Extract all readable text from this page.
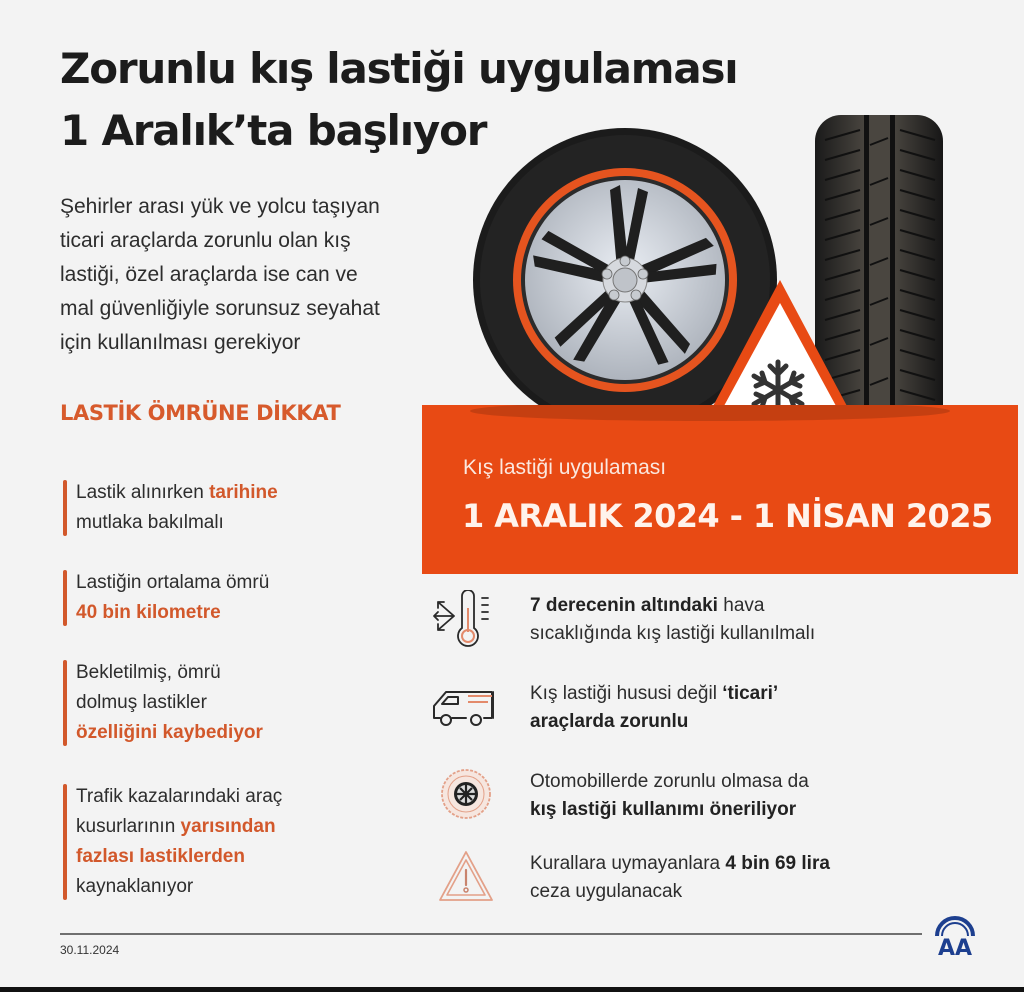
Zorunlu kış lastiği uygulaması
1 Aralık’ta başlıyor
Şehirler arası yük ve yolcu taşıyan
ticari araçlarda zorunlu olan kış
lastiği, özel araçlarda ise can ve
mal güvenliğiyle sorunsuz seyahat
için kullanılması gerekiyor
LASTİK ÖMRÜNE DİKKAT
Lastik alınırken tarihine
mutlaka bakılmalı
Lastiğin ortalama ömrü
40 bin kilometre
Bekletilmiş, ömrü
dolmuş lastikler
özelliğini kaybediyor
Trafik kazalarındaki araç
kusurlarının yarısından
fazlası lastiklerden
kaynaklanıyor
Kış lastiği uygulaması
1 ARALIK 2024 - 1 NİSAN 2025
7 derecenin altındaki hava
sıcaklığında kış lastiği kullanılmalı
Kış lastiği hususi değil ‘ticari’
araçlarda zorunlu
Otomobillerde zorunlu olmasa da
kış lastiği kullanımı öneriliyor
Kurallara uymayanlara 4 bin 69 lira
ceza uygulanacak
30.11.2024	AA
